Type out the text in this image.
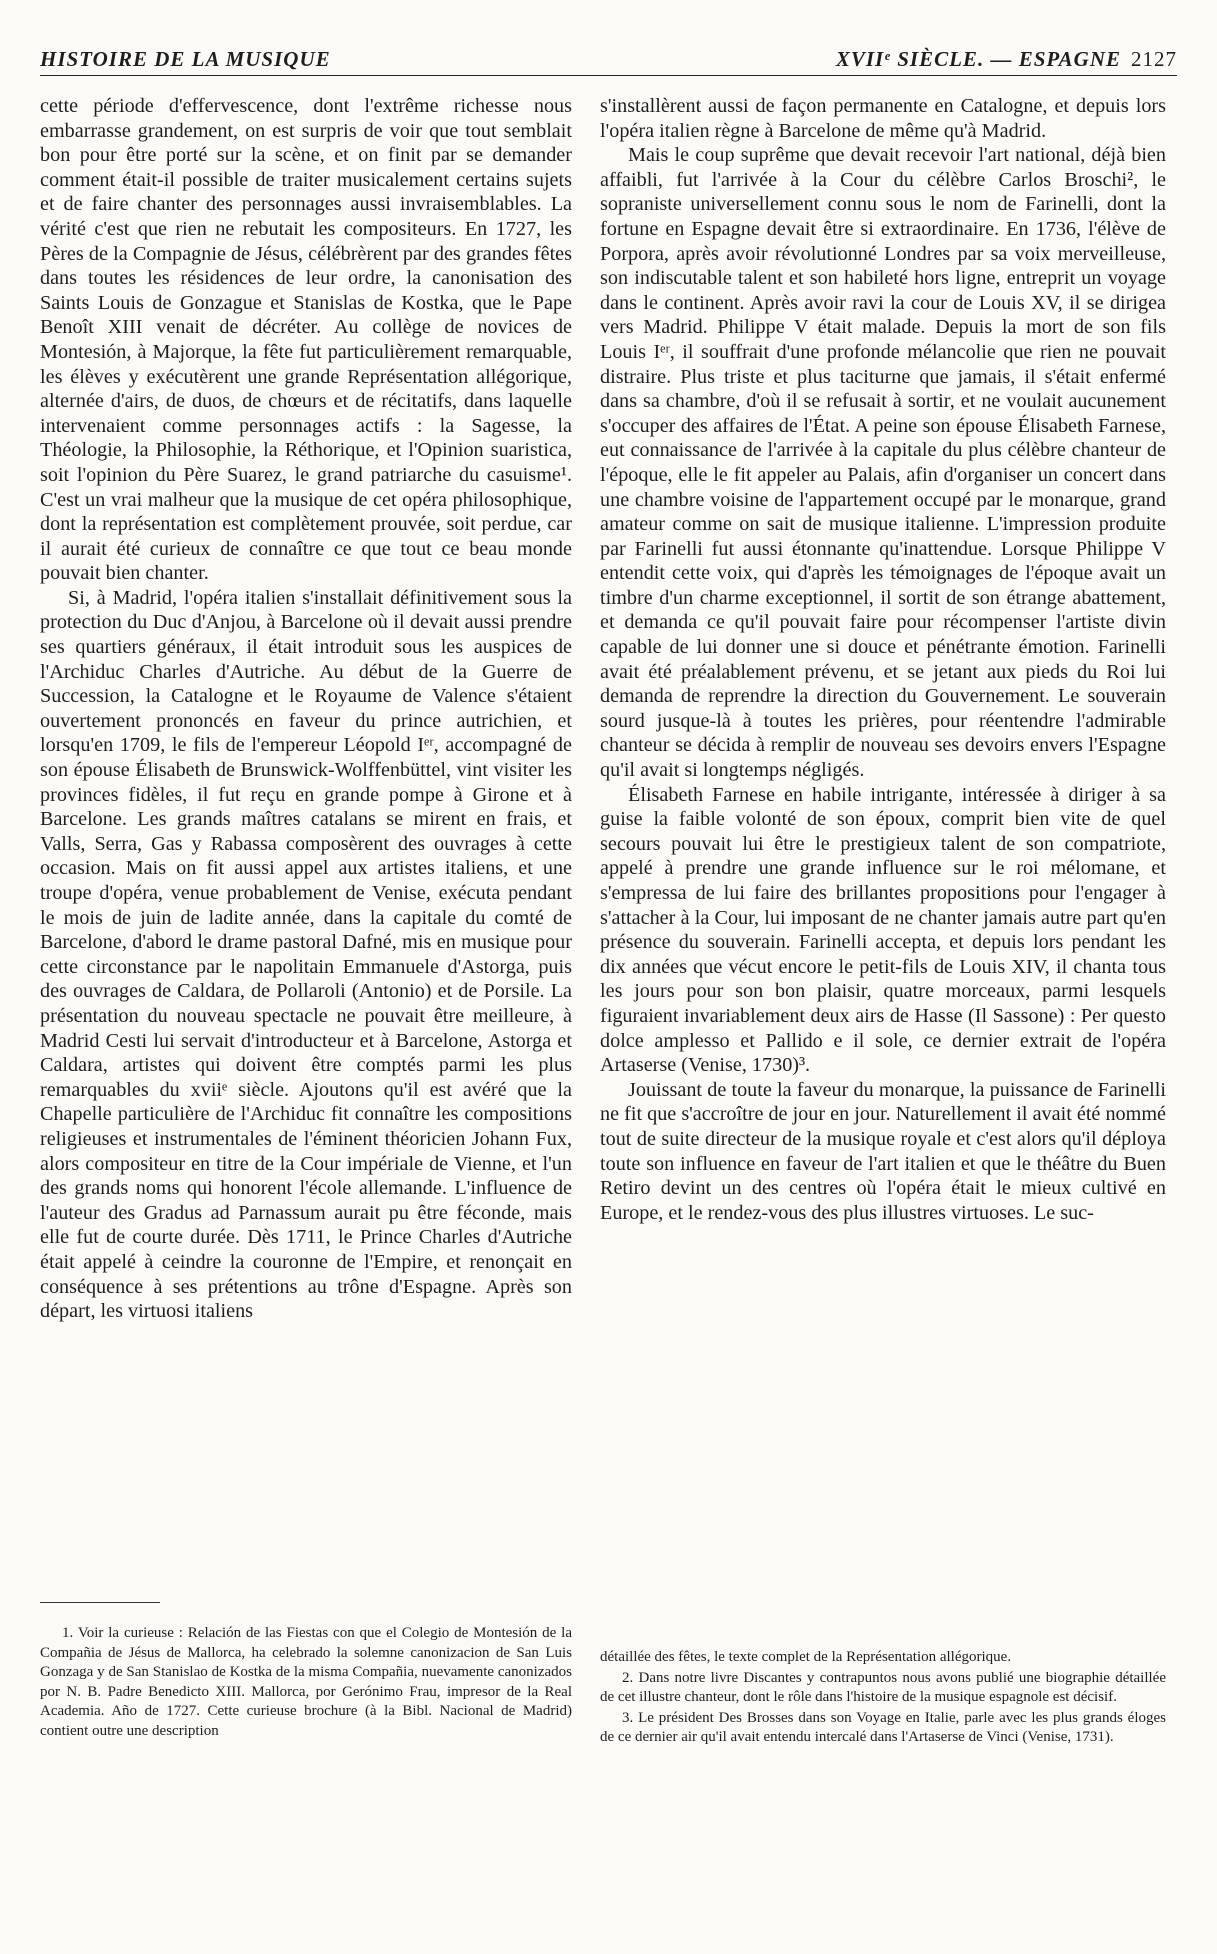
HISTOIRE DE LA MUSIQUE	XVIIᵉ SIÈCLE. — ESPAGNE 2127

cette période d'effervescence, dont l'extrême richesse nous embarrasse grandement, on est surpris de voir que tout semblait bon pour être porté sur la scène, et on finit par se demander comment était-il possible de traiter musicalement certains sujets et de faire chanter des personnages aussi invraisemblables. La vérité c'est que rien ne rebutait les compositeurs. En 1727, les Pères de la Compagnie de Jésus, célébrèrent par des grandes fêtes dans toutes les résidences de leur ordre, la canonisation des Saints Louis de Gonzague et Stanislas de Kostka, que le Pape Benoît XIII venait de décréter. Au collège de novices de Montesión, à Majorque, la fête fut particulièrement remarquable, les élèves y exécutèrent une grande Représentation allégorique, alternée d'airs, de duos, de chœurs et de récitatifs, dans laquelle intervenaient comme personnages actifs : la Sagesse, la Théologie, la Philosophie, la Réthorique, et l'Opinion suaristica, soit l'opinion du Père Suarez, le grand patriarche du casuisme¹. C'est un vrai malheur que la musique de cet opéra philosophique, dont la représentation est complètement prouvée, soit perdue, car il aurait été curieux de connaître ce que tout ce beau monde pouvait bien chanter.

Si, à Madrid, l'opéra italien s'installait définitivement sous la protection du Duc d'Anjou, à Barcelone où il devait aussi prendre ses quartiers généraux, il était introduit sous les auspices de l'Archiduc Charles d'Autriche. Au début de la Guerre de Succession, la Catalogne et le Royaume de Valence s'étaient ouvertement prononcés en faveur du prince autrichien, et lorsqu'en 1709, le fils de l'empereur Léopold Iᵉʳ, accompagné de son épouse Élisabeth de Brunswick-Wolffenbüttel, vint visiter les provinces fidèles, il fut reçu en grande pompe à Girone et à Barcelone. Les grands maîtres catalans se mirent en frais, et Valls, Serra, Gas y Rabassa composèrent des ouvrages à cette occasion. Mais on fit aussi appel aux artistes italiens, et une troupe d'opéra, venue probablement de Venise, exécuta pendant le mois de juin de ladite année, dans la capitale du comté de Barcelone, d'abord le drame pastoral Dafné, mis en musique pour cette circonstance par le napolitain Emmanuele d'Astorga, puis des ouvrages de Caldara, de Pollaroli (Antonio) et de Porsile. La présentation du nouveau spectacle ne pouvait être meilleure, à Madrid Cesti lui servait d'introducteur et à Barcelone, Astorga et Caldara, artistes qui doivent être comptés parmi les plus remarquables du xviiᵉ siècle. Ajoutons qu'il est avéré que la Chapelle particulière de l'Archiduc fit connaître les compositions religieuses et instrumentales de l'éminent théoricien Johann Fux, alors compositeur en titre de la Cour impériale de Vienne, et l'un des grands noms qui honorent l'école allemande. L'influence de l'auteur des Gradus ad Parnassum aurait pu être féconde, mais elle fut de courte durée. Dès 1711, le Prince Charles d'Autriche était appelé à ceindre la couronne de l'Empire, et renonçait en conséquence à ses prétentions au trône d'Espagne. Après son départ, les virtuosi italiens

s'installèrent aussi de façon permanente en Catalogne, et depuis lors l'opéra italien règne à Barcelone de même qu'à Madrid.

Mais le coup suprême que devait recevoir l'art national, déjà bien affaibli, fut l'arrivée à la Cour du célèbre Carlos Broschi², le sopraniste universellement connu sous le nom de Farinelli, dont la fortune en Espagne devait être si extraordinaire. En 1736, l'élève de Porpora, après avoir révolutionné Londres par sa voix merveilleuse, son indiscutable talent et son habileté hors ligne, entreprit un voyage dans le continent. Après avoir ravi la cour de Louis XV, il se dirigea vers Madrid. Philippe V était malade. Depuis la mort de son fils Louis Iᵉʳ, il souffrait d'une profonde mélancolie que rien ne pouvait distraire. Plus triste et plus taciturne que jamais, il s'était enfermé dans sa chambre, d'où il se refusait à sortir, et ne voulait aucunement s'occuper des affaires de l'État. A peine son épouse Élisabeth Farnese, eut connaissance de l'arrivée à la capitale du plus célèbre chanteur de l'époque, elle le fit appeler au Palais, afin d'organiser un concert dans une chambre voisine de l'appartement occupé par le monarque, grand amateur comme on sait de musique italienne. L'impression produite par Farinelli fut aussi étonnante qu'inattendue. Lorsque Philippe V entendit cette voix, qui d'après les témoignages de l'époque avait un timbre d'un charme exceptionnel, il sortit de son étrange abattement, et demanda ce qu'il pouvait faire pour récompenser l'artiste divin capable de lui donner une si douce et pénétrante émotion. Farinelli avait été préalablement prévenu, et se jetant aux pieds du Roi lui demanda de reprendre la direction du Gouvernement. Le souverain sourd jusque-là à toutes les prières, pour réentendre l'admirable chanteur se décida à remplir de nouveau ses devoirs envers l'Espagne qu'il avait si longtemps négligés.

Élisabeth Farnese en habile intrigante, intéressée à diriger à sa guise la faible volonté de son époux, comprit bien vite de quel secours pouvait lui être le prestigieux talent de son compatriote, appelé à prendre une grande influence sur le roi mélomane, et s'empressa de lui faire des brillantes propositions pour l'engager à s'attacher à la Cour, lui imposant de ne chanter jamais autre part qu'en présence du souverain. Farinelli accepta, et depuis lors pendant les dix années que vécut encore le petit-fils de Louis XIV, il chanta tous les jours pour son bon plaisir, quatre morceaux, parmi lesquels figuraient invariablement deux airs de Hasse (Il Sassone) : Per questo dolce amplesso et Pallido e il sole, ce dernier extrait de l'opéra Artaserse (Venise, 1730)³.

Jouissant de toute la faveur du monarque, la puissance de Farinelli ne fit que s'accroître de jour en jour. Naturellement il avait été nommé tout de suite directeur de la musique royale et c'est alors qu'il déploya toute son influence en faveur de l'art italien et que le théâtre du Buen Retiro devint un des centres où l'opéra était le mieux cultivé en Europe, et le rendez-vous des plus illustres virtuoses. Le suc-

1. Voir la curieuse : Relación de las Fiestas con que el Colegio de Montesión de la Compañia de Jésus de Mallorca, ha celebrado la solemne canonizacion de San Luis Gonzaga y de San Stanislao de Kostka de la misma Compañia, nuevamente canonizados por N. B. Padre Benedicto XIII. Mallorca, por Gerónimo Frau, impresor de la Real Academia. Año de 1727. Cette curieuse brochure (à la Bibl. Nacional de Madrid) contient outre une description

détaillée des fêtes, le texte complet de la Représentation allégorique.

2. Dans notre livre Discantes y contrapuntos nous avons publié une biographie détaillée de cet illustre chanteur, dont le rôle dans l'histoire de la musique espagnole est décisif.

3. Le président Des Brosses dans son Voyage en Italie, parle avec les plus grands éloges de ce dernier air qu'il avait entendu intercalé dans l'Artaserse de Vinci (Venise, 1731).
